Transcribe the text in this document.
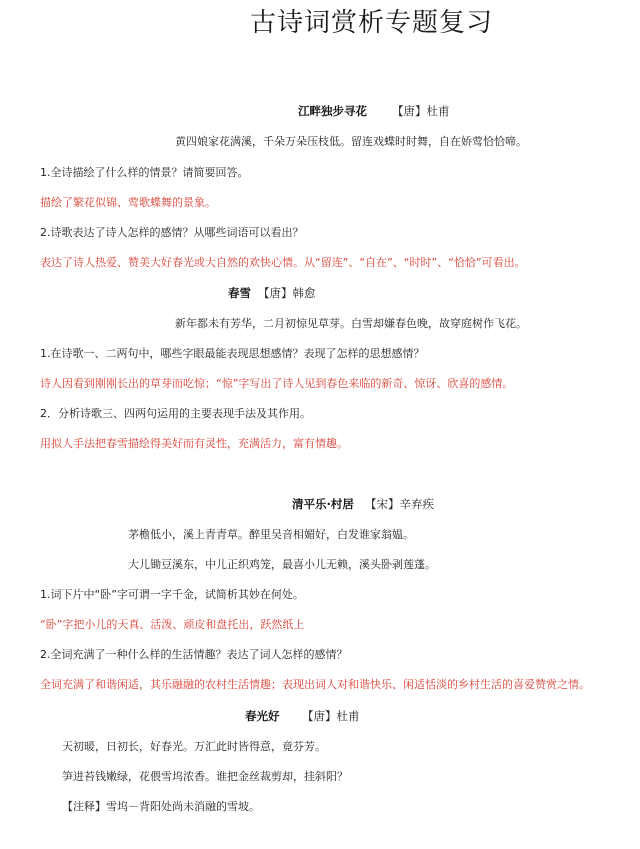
古诗词赏析专题复习
江畔独步寻花 【唐】杜甫
黄四娘家花满溪，千朵万朵压枝低。留连戏蝶时时舞，自在娇莺恰恰啼。
1.全诗描绘了什么样的情景？请简要回答。
描绘了繁花似锦、莺歌蝶舞的景象。
2.诗歌表达了诗人怎样的感情？从哪些词语可以看出？
表达了诗人热爱、赞美大好春光或大自然的欢快心情。从“留连”、“自在”、“时时”、“恰恰”可看出。
春雪 【唐】韩愈
新年都未有芳华，二月初惊见草芽。白雪却嫌春色晚，故穿庭树作飞花。
1.在诗歌一、二两句中，哪些字眼最能表现思想感情？表现了怎样的思想感情？
诗人因看到刚刚长出的草芽而吃惊；“惊”字写出了诗人见到春色来临的新奇、惊讶、欣喜的感情。
2．分析诗歌三、四两句运用的主要表现手法及其作用。
用拟人手法把春雪描绘得美好而有灵性，充满活力，富有情趣。
清平乐·村居 【宋】辛弃疾
茅檐低小，溪上青青草。醉里吴音相媚好，白发谁家翁媪。
大儿锄豆溪东，中儿正织鸡笼，最喜小儿无赖，溪头卧剥莲蓬。
1.词下片中“卧”字可谓一字千金，试简析其妙在何处。
“卧”字把小儿的天真、活泼、顽皮和盘托出，跃然纸上
2.全词充满了一种什么样的生活情趣？表达了词人怎样的感情？
全词充满了和谐闲适，其乐融融的农村生活情趣；表现出词人对和谐快乐、闲适恬淡的乡村生活的喜爱赞赏之情。
春光好 【唐】杜甫
天初暖，日初长，好春光。万汇此时皆得意，竟芬芳。
笋进苔钱嫩绿，花偎雪坞浓香。谁把金丝裁剪却，挂斜阳？
【注释】雪坞－背阳处尚未消融的雪坡。
